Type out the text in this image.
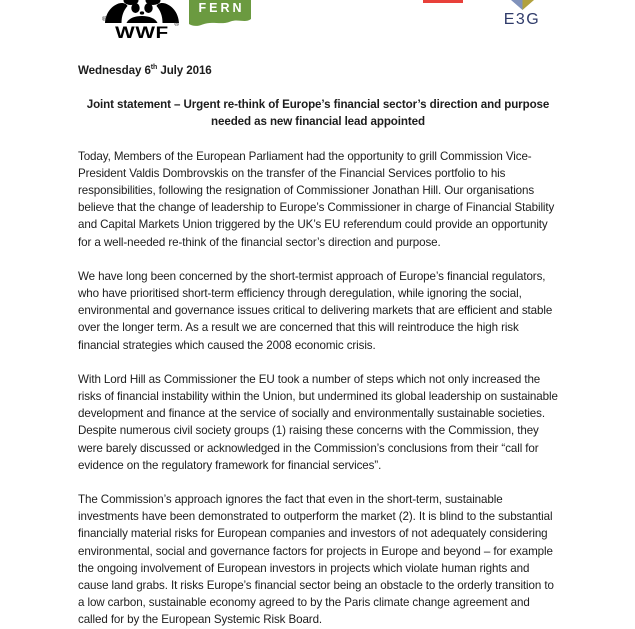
®
®
WWF
FERN
E3G

Wednesday 6th July 2016

Joint statement – Urgent re-think of Europe’s financial sector’s direction and purpose
needed as new financial lead appointed

Today, Members of the European Parliament had the opportunity to grill Commission Vice-President Valdis Dombrovskis on the transfer of the Financial Services portfolio to his responsibilities, following the resignation of Commissioner Jonathan Hill. Our organisations believe that the change of leadership to Europe’s Commissioner in charge of Financial Stability and Capital Markets Union triggered by the UK’s EU referendum could provide an opportunity for a well-needed re-think of the financial sector’s direction and purpose.

We have long been concerned by the short-termist approach of Europe’s financial regulators, who have prioritised short-term efficiency through deregulation, while ignoring the social, environmental and governance issues critical to delivering markets that are efficient and stable over the longer term. As a result we are concerned that this will reintroduce the high risk financial strategies which caused the 2008 economic crisis.

With Lord Hill as Commissioner the EU took a number of steps which not only increased the risks of financial instability within the Union, but undermined its global leadership on sustainable development and finance at the service of socially and environmentally sustainable societies. Despite numerous civil society groups (1) raising these concerns with the Commission, they were barely discussed or acknowledged in the Commission’s conclusions from their “call for evidence on the regulatory framework for financial services”.

The Commission’s approach ignores the fact that even in the short-term, sustainable investments have been demonstrated to outperform the market (2). It is blind to the substantial financially material risks for European companies and investors of not adequately considering environmental, social and governance factors for projects in Europe and beyond – for example the ongoing involvement of European investors in projects which violate human rights and cause land grabs. It risks Europe’s financial sector being an obstacle to the orderly transition to a low carbon, sustainable economy agreed to by the Paris climate change agreement and called for by the European Systemic Risk Board.
